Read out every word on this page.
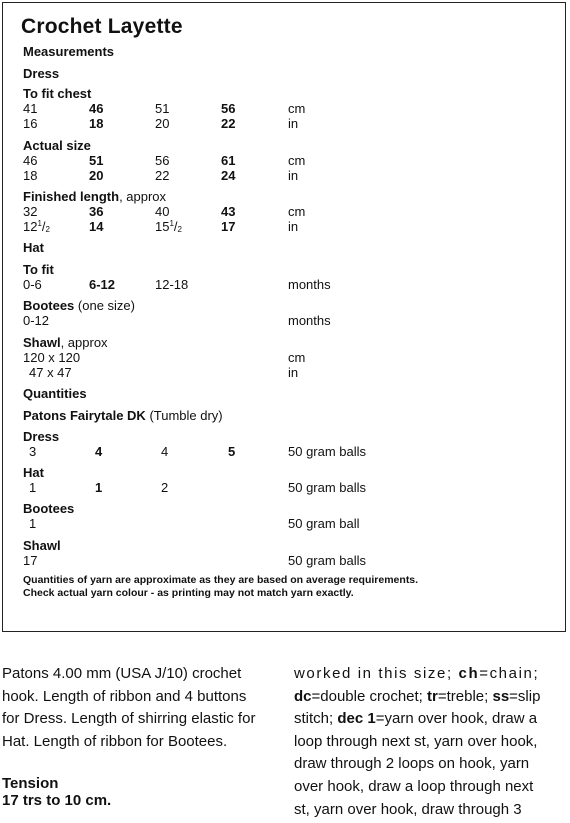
Crochet Layette
Measurements
Dress
To fit chest
41	46	51	56	cm
16	18	20	22	in
Actual size
46	51	56	61	cm
18	20	22	24	in
Finished length, approx
32	36	40	43	cm
$12^1/_2$	14	$15^1/_2$	17	in
Hat
To fit
0-6	6-12	12-18	months
Bootees (one size)
0-12	months
Shawl, approx
120 x 120	cm
47 x 47	in
Quantities
Patons Fairytale DK (Tumble dry)
Dress
3	4	4	5	50 gram balls
Hat
1	1	2	50 gram balls
Bootees
1	50 gram ball
Shawl
17	50 gram balls
Quantities of yarn are approximate as they are based on average requirements.
Check actual yarn colour - as printing may not match yarn exactly.
Patons 4.00 mm (USA J/10) crochet
hook. Length of ribbon and 4 buttons
for Dress. Length of shirring elastic for
Hat. Length of ribbon for Bootees.
Tension
17 trs to 10 cm.
worked in this size; ch=chain;
dc=double crochet; tr=treble; ss=slip
stitch; dec 1=yarn over hook, draw a
loop through next st, yarn over hook,
draw through 2 loops on hook, yarn
over hook, draw a loop through next
st, yarn over hook, draw through 3
